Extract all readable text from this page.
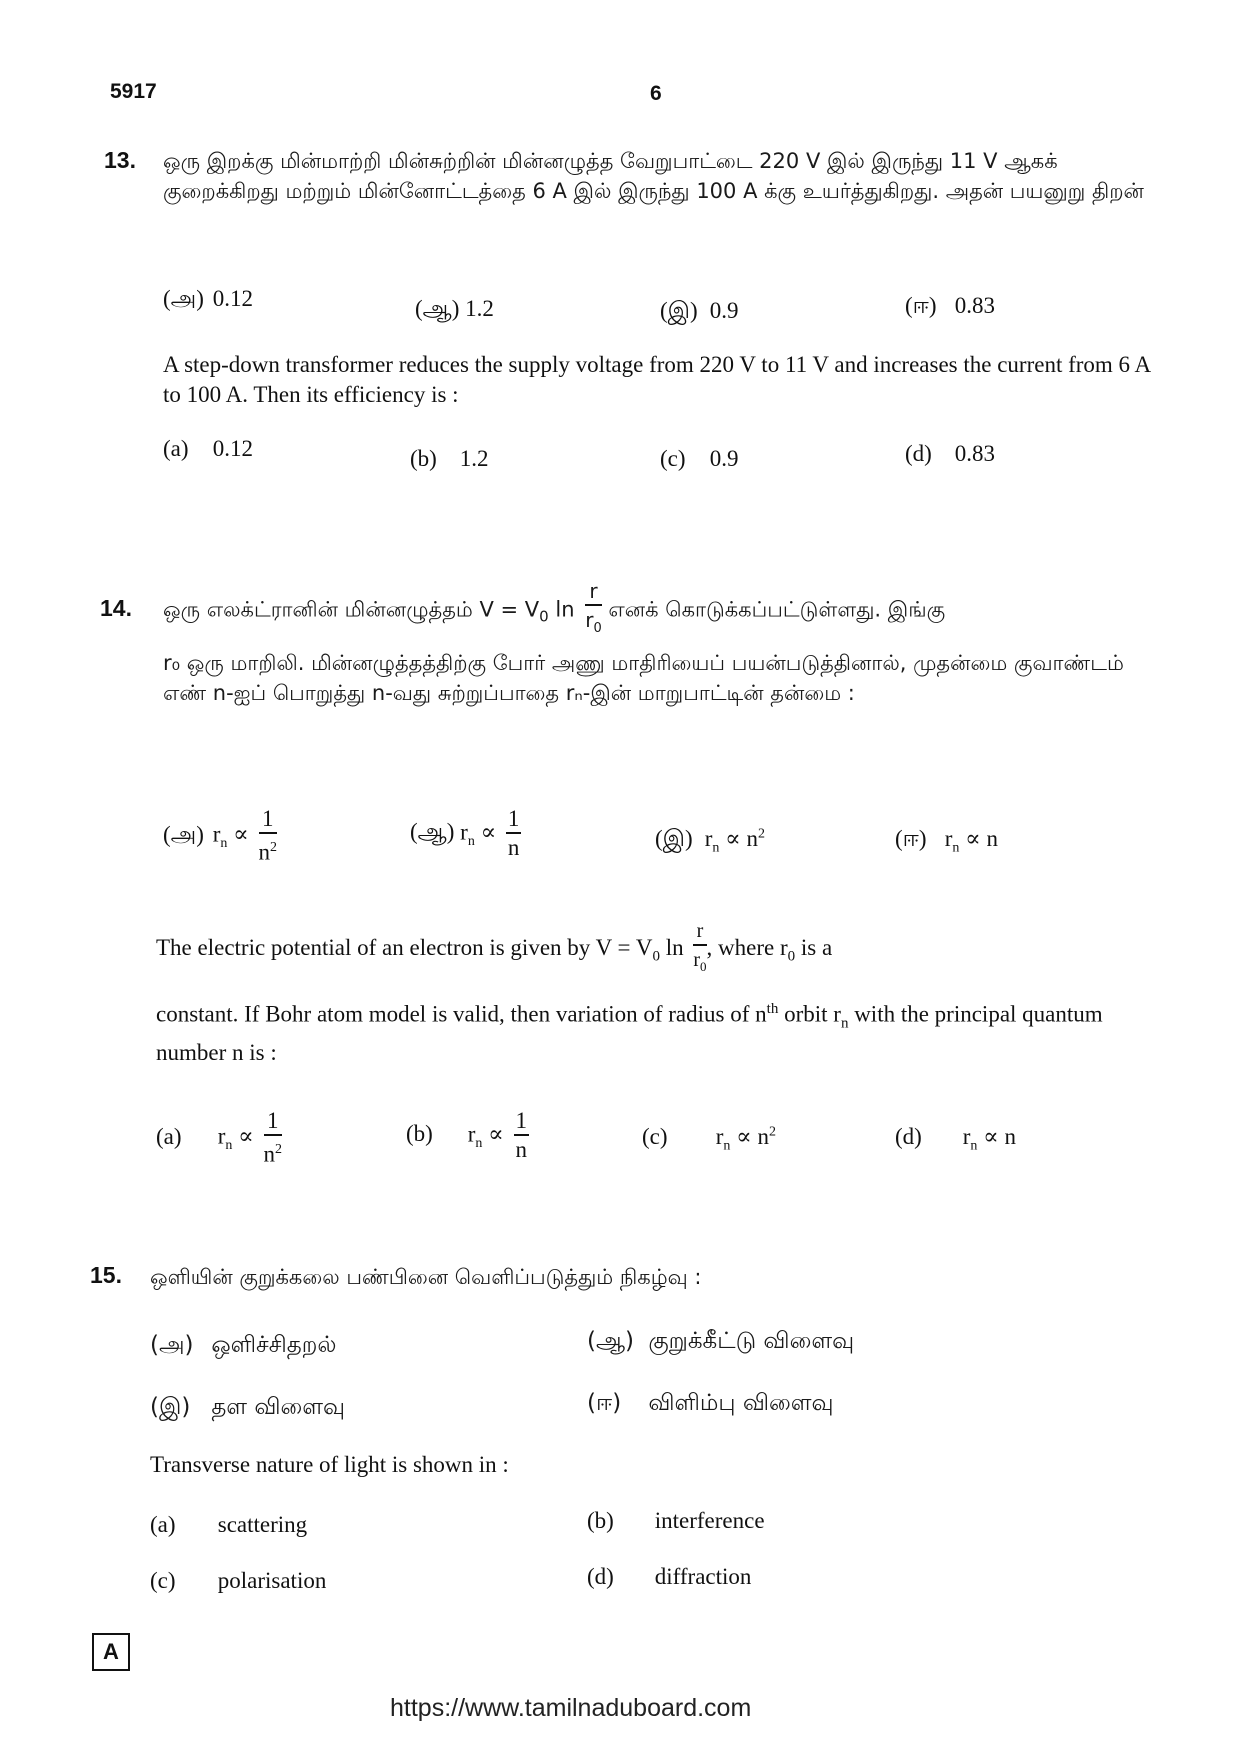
5917	6
13. ஒரு இறக்கு மின்மாற்றி மின்சுற்றின் மின்னழுத்த வேறுபாட்டை 220 V இல் இருந்து 11 V ஆகக் குறைக்கிறது மற்றும் மின்னோட்டத்தை 6 A இல் இருந்து 100 A க்கு உயர்த்துகிறது. அதன் பயனுறு திறன்
(அ) 0.12	(ஆ) 1.2	(இ) 0.9	(ஈ) 0.83
A step-down transformer reduces the supply voltage from 220 V to 11 V and increases the current from 6 A to 100 A. Then its efficiency is :
(a) 0.12	(b) 1.2	(c) 0.9	(d) 0.83
14. ஒரு எலக்ட்ரானின் மின்னழுத்தம் $V = V_0$ $\ln \frac{r}{r_0}$ எனக் கொடுக்கப்பட்டுள்ளது. இங்கு
r₀ ஒரு மாறிலி. மின்னழுத்தத்திற்கு போர் அணு மாதிரியைப் பயன்படுத்தினால், முதன்மை குவாண்டம் எண் n-ஐப் பொறுத்து n-வது சுற்றுப்பாதை rₙ-இன் மாறுபாட்டின் தன்மை :
(அ) $r_n \propto \frac{1}{n^2}$	(ஆ) $r_n \propto \frac{1}{n}$	(இ) $r_n \propto n^2$	(ஈ) $r_n \propto n$
The electric potential of an electron is given by $V = V_0$ $\ln \frac{r}{r_0}$ , where $r_0$ is a
constant. If Bohr atom model is valid, then variation of radius of $n^{th}$ orbit $r_n$ with the principal quantum number n is :
(a) $r_n \propto \frac{1}{n^2}$	(b) $r_n \propto \frac{1}{n}$	(c) $r_n \propto n^2$	(d) $r_n \propto n$
15. ஒளியின் குறுக்கலை பண்பினை வெளிப்படுத்தும் நிகழ்வு :
(அ) ஒளிச்சிதறல்	(ஆ) குறுக்கீட்டு விளைவு
(இ) தள விளைவு	(ஈ) விளிம்பு விளைவு
Transverse nature of light is shown in :
(a) scattering	(b) interference
(c) polarisation	(d) diffraction
A
https://www.tamilnaduboard.com
